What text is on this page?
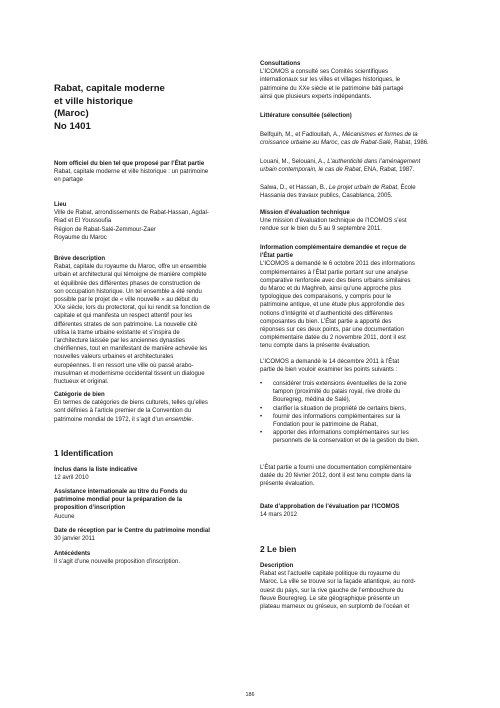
Rabat, capitale moderne
et ville historique
(Maroc)
No 1401
Nom officiel du bien tel que proposé par l’État partie
Rabat, capitale moderne et ville historique : un patrimoine
en partage
Lieu
Ville de Rabat, arrondissements de Rabat-Hassan, Agdal-
Riad et El Youssoufia
Région de Rabat-Salé-Zemmour-Zaer
Royaume du Maroc
Brève description
Rabat, capitale du royaume du Maroc, offre un ensemble
urbain et architectural qui témoigne de manière complète
et équilibrée des différentes phases de construction de
son occupation historique. Un tel ensemble a été rendu
possible par le projet de « ville nouvelle » au début du
XXe siècle, lors du protectorat, qui lui rendit sa fonction de
capitale et qui manifesta un respect attentif pour les
différentes strates de son patrimoine. La nouvelle cité
utilisa la trame urbaine existante et s’inspira de
l’architecture laissée par les anciennes dynasties
chérifiennes, tout en manifestant de manière achevée les
nouvelles valeurs urbaines et architecturales
européennes. Il en ressort une ville où passé arabo-
musulman et modernisme occidental tissent un dialogue
fructueux et original.
Catégorie de bien
En termes de catégories de biens culturels, telles qu’elles
sont définies à l’article premier de la Convention du
patrimoine mondial de 1972, il s’agit d’un ensemble.
1 Identification
Inclus dans la liste indicative
12 avril 2010
Assistance internationale au titre du Fonds du
patrimoine mondial pour la préparation de la
proposition d’inscription
Aucune
Date de réception par le Centre du patrimoine mondial
30 janvier 2011
Antécédents
Il s’agit d’une nouvelle proposition d’inscription.
Consultations
L’ICOMOS a consulté ses Comités scientifiques
internationaux sur les villes et villages historiques, le
patrimoine du XXe siècle et le patrimoine bâti partagé
ainsi que plusieurs experts indépendants.
Littérature consultée (sélection)
Belfquih, M., et Fadloullah, A., Mécanismes et formes de la
croissance urbaine au Maroc, cas de Rabat-Salé, Rabat, 1986.
Louani, M., Selouani, A., L’authenticité dans l’aménagement
urbain contemporain, le cas de Rabat, ENA, Rabat, 1987.
Salwa, D., et Hassan, B., Le projet urbain de Rabat, École
Hassania des travaux publics, Casablanca, 2005.
Mission d’évaluation technique
Une mission d’évaluation technique de l’ICOMOS s’est
rendue sur le bien du 5 au 9 septembre 2011.
Information complémentaire demandée et reçue de
l’État partie
L’ICOMOS a demandé le 6 octobre 2011 des informations
complémentaires à l’État partie portant sur une analyse
comparative renforcée avec des biens urbains similaires
du Maroc et du Maghreb, ainsi qu’une approche plus
typologique des comparaisons, y compris pour le
patrimoine antique, et une étude plus approfondie des
notions d’intégrité et d’authenticité des différentes
composantes du bien. L’État partie a apporté des
réponses sur ces deux points, par une documentation
complémentaire datée du 2 novembre 2011, dont il est
tenu compte dans la présente évaluation.
L’ICOMOS a demandé le 14 décembre 2011 à l’État
partie de bien vouloir examiner les points suivants :
• considérer trois extensions éventuelles de la zone
tampon (proximité du palais royal, rive droite du
Bouregreg, médina de Salé),
• clarifier la situation de propriété de certains biens,
• fournir des informations complémentaires sur la
Fondation pour le patrimoine de Rabat,
• apporter des informations complémentaires sur les
personnels de la conservation et de la gestion du bien.
L’État partie a fourni une documentation complémentaire
datée du 20 février 2012, dont il est tenu compte dans la
présente évaluation.
Date d’approbation de l’évaluation par l’ICOMOS
14 mars 2012
2 Le bien
Description
Rabat est l’actuelle capitale politique du royaume du
Maroc. La ville se trouve sur la façade atlantique, au nord-
ouest du pays, sur la rive gauche de l’embouchure du
fleuve Bouregreg. Le site géographique présente un
plateau marneux ou gréseux, en surplomb de l’océan et
186
